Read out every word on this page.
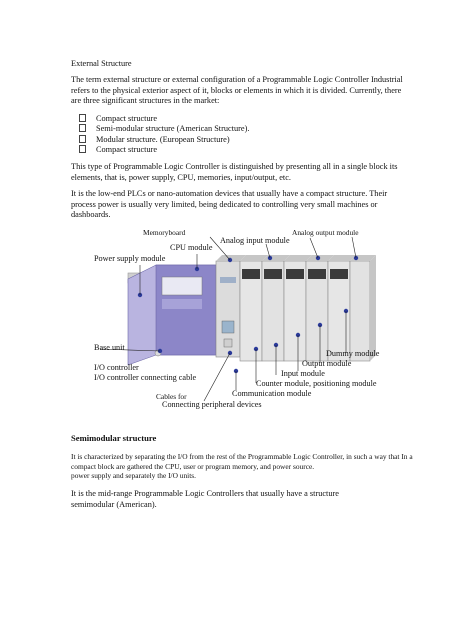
External Structure
The term external structure or external configuration of a Programmable Logic Controller Industrial refers to the physical exterior aspect of it, blocks or elements in which it is divided. Currently, there are three significant structures in the market:
Compact structure
Semi-modular structure (American Structure).
Modular structure. (European Structure)
Compact structure
This type of Programmable Logic Controller is distinguished by presenting all in a single block its elements, that is, power supply, CPU, memories, input/output, etc.
It is the low-end PLCs or nano-automation devices that usually have a compact structure. Their process power is usually very limited, being dedicated to controlling very small machines or dashboards.
Memoryboard
CPU module
Analog input module
Analog output module
Power supply module
Base unit
I/O controller
I/O controller connecting cable
Dummy module
Output module
Input module
Counter module, positioning module
Communication module
Cables for
Connecting peripheral devices
Semimodular structure
It is characterized by separating the I/O from the rest of the Programmable Logic Controller, in such a way that In a compact block are gathered the CPU, user or program memory, and power source.
power supply and separately the I/O units.
It is the mid-range Programmable Logic Controllers that usually have a structure semimodular (American).
